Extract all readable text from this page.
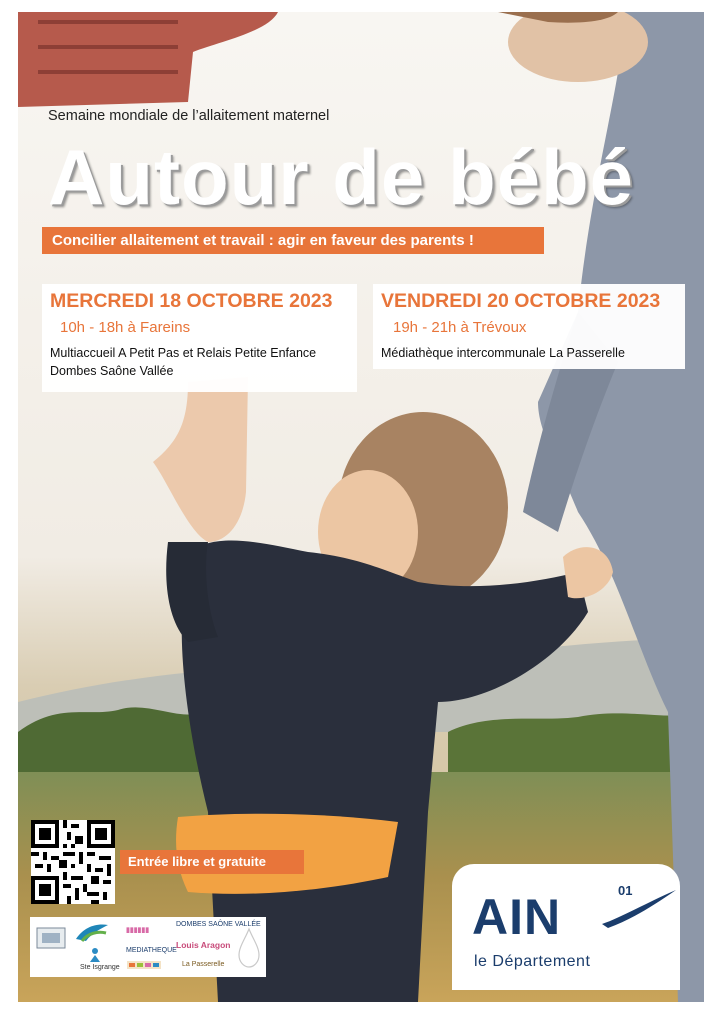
Semaine mondiale de l’allaitement maternel
Autour de bébé
Concilier allaitement et travail : agir en faveur des parents !
MERCREDI 18 OCTOBRE 2023
10h - 18h à Fareins
Multiaccueil A Petit Pas et Relais Petite Enfance
Dombes Saône Vallée
VENDREDI 20 OCTOBRE 2023
19h - 21h à Trévoux
Médiathèque intercommunale La Passerelle
Entrée libre et gratuite
Ste Isgrange
▮▮▮▮▮▮
MEDIATHEQUE
DOMBES SAÔNE VALLÉE
Louis Aragon
La Passerelle
AIN	01
le Département
